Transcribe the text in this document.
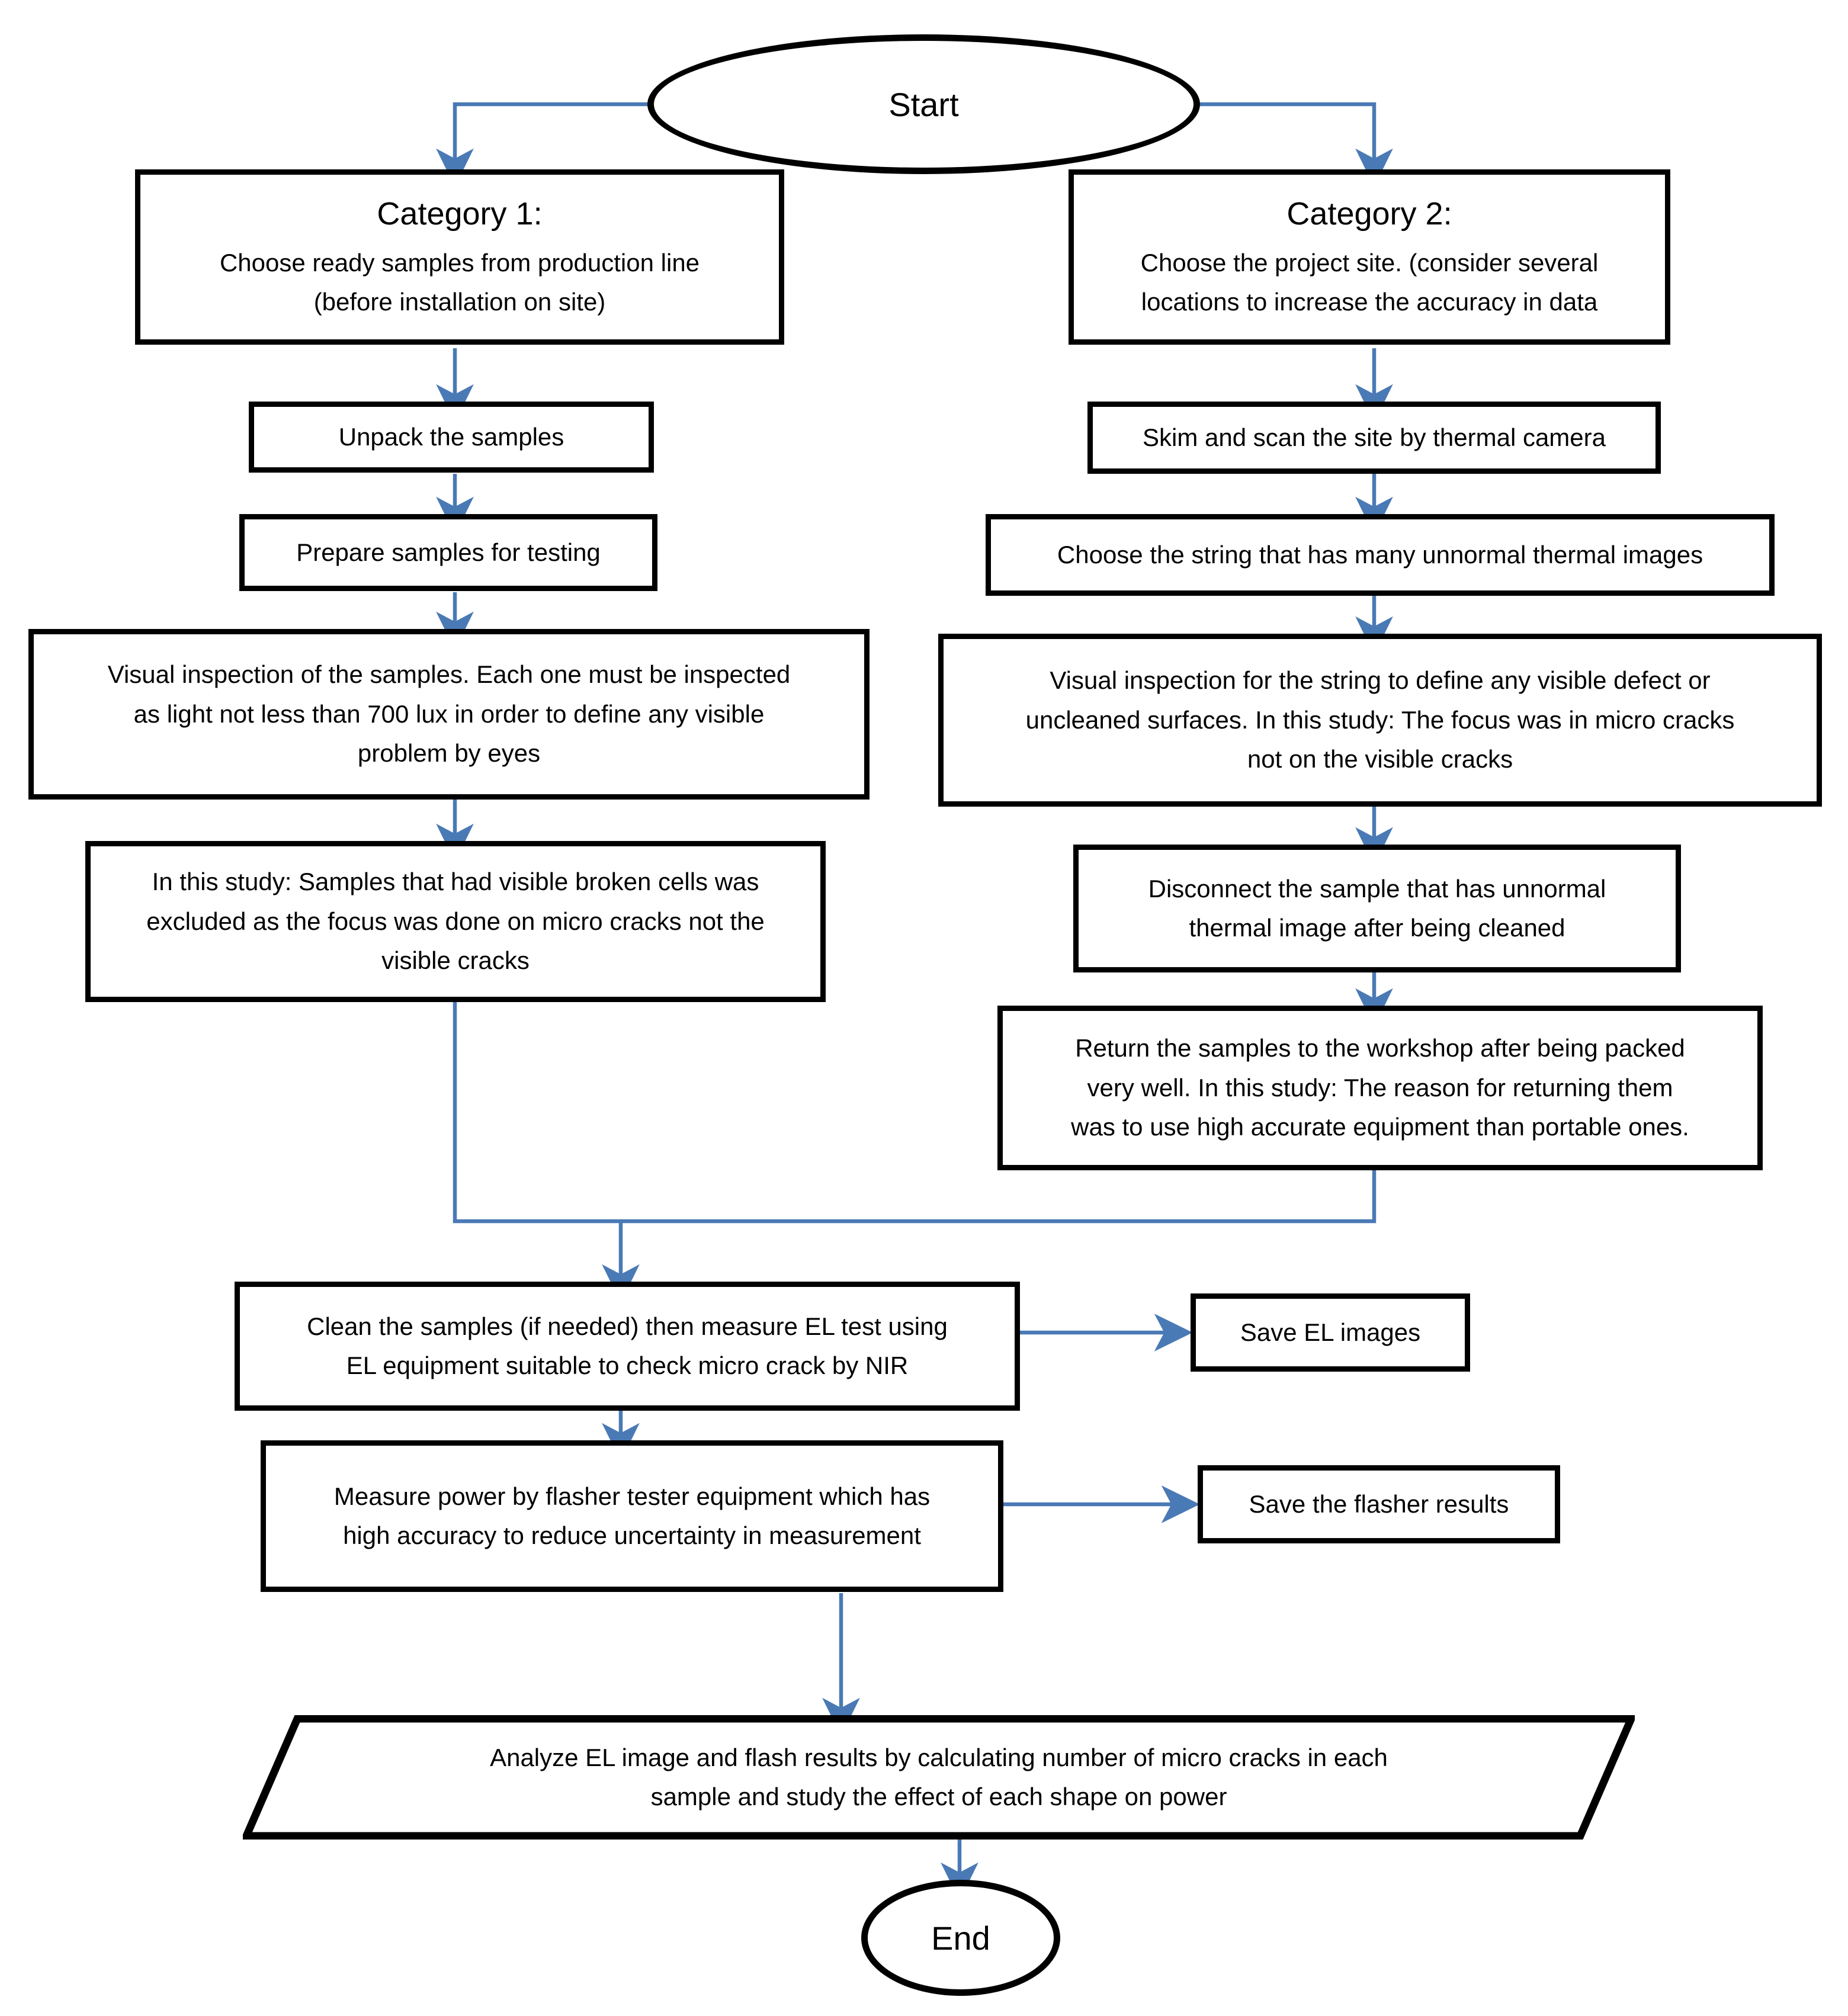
Start
Category 1:
Choose ready samples from production line
(before installation on site)
Category 2:
Choose the project site. (consider several
locations to increase the accuracy in data
Unpack the samples
Prepare samples for testing
Skim and scan the site by thermal camera
Choose the string that has many unnormal thermal images
Visual inspection of the samples. Each one must be inspected
as light not less than 700 lux in order to define any visible
problem by eyes
Visual inspection for the string to define any visible defect or
uncleaned surfaces. In this study: The focus was in micro cracks
not on the visible cracks
In this study: Samples that had visible broken cells was
excluded as the focus was done on micro cracks not the
visible cracks
Disconnect the sample that has unnormal
thermal image after being cleaned
Return the samples to the workshop after being packed
very well. In this study: The reason for returning them
was to use high accurate equipment than portable ones.
Clean the samples (if needed) then measure EL test using
EL equipment suitable to check micro crack by NIR
Save EL images
Measure power by flasher tester equipment which has
high accuracy to reduce uncertainty in measurement
Save the flasher results
Analyze EL image and flash results by calculating number of micro cracks in each
sample and study the effect of each shape on power
End
